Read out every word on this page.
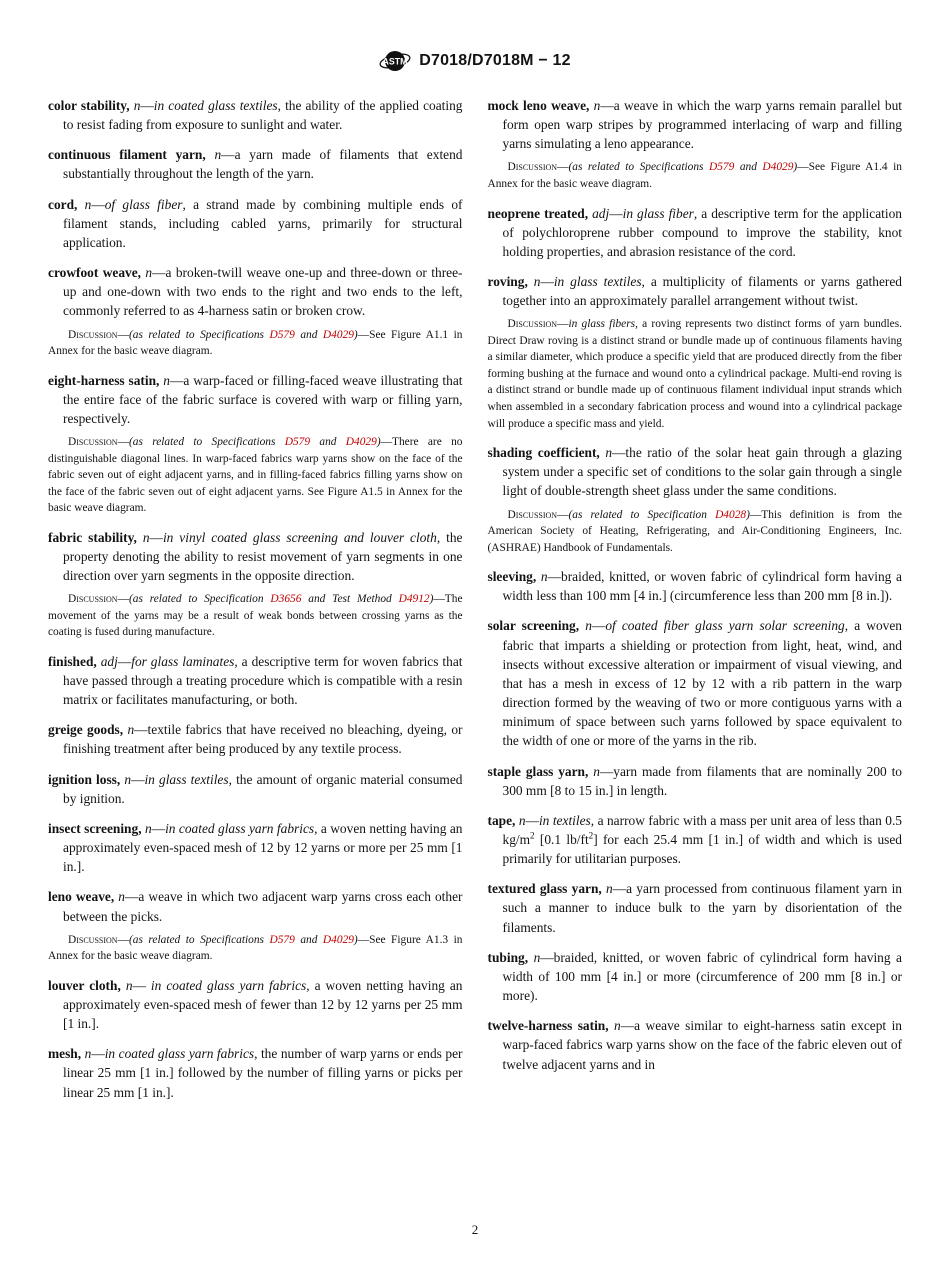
ASTM D7018/D7018M − 12

color stability, n—in coated glass textiles, the ability of the applied coating to resist fading from exposure to sunlight and water.

continuous filament yarn, n—a yarn made of filaments that extend substantially throughout the length of the yarn.

cord, n—of glass fiber, a strand made by combining multiple ends of filament stands, including cabled yarns, primarily for structural application.

crowfoot weave, n—a broken-twill weave one-up and three-down or three-up and one-down with two ends to the right and two ends to the left, commonly referred to as 4-harness satin or broken crow.

Discussion—(as related to Specifications D579 and D4029)—See Figure A1.1 in Annex for the basic weave diagram.

eight-harness satin, n—a warp-faced or filling-faced weave illustrating that the entire face of the fabric surface is covered with warp or filling yarn, respectively.

Discussion—(as related to Specifications D579 and D4029)—There are no distinguishable diagonal lines. In warp-faced fabrics warp yarns show on the face of the fabric seven out of eight adjacent yarns, and in filling-faced fabrics filling yarns show on the face of the fabric seven out of eight adjacent yarns. See Figure A1.5 in Annex for the basic weave diagram.

fabric stability, n—in vinyl coated glass screening and louver cloth, the property denoting the ability to resist movement of yarn segments in one direction over yarn segments in the opposite direction.

Discussion—(as related to Specification D3656 and Test Method D4912)—The movement of the yarns may be a result of weak bonds between crossing yarns as the coating is fused during manufacture.

finished, adj—for glass laminates, a descriptive term for woven fabrics that have passed through a treating procedure which is compatible with a resin matrix or facilitates manufacturing, or both.

greige goods, n—textile fabrics that have received no bleaching, dyeing, or finishing treatment after being produced by any textile process.

ignition loss, n—in glass textiles, the amount of organic material consumed by ignition.

insect screening, n—in coated glass yarn fabrics, a woven netting having an approximately even-spaced mesh of 12 by 12 yarns or more per 25 mm [1 in.].

leno weave, n—a weave in which two adjacent warp yarns cross each other between the picks.

Discussion—(as related to Specifications D579 and D4029)—See Figure A1.3 in Annex for the basic weave diagram.

louver cloth, n— in coated glass yarn fabrics, a woven netting having an approximately even-spaced mesh of fewer than 12 by 12 yarns per 25 mm [1 in.].

mesh, n—in coated glass yarn fabrics, the number of warp yarns or ends per linear 25 mm [1 in.] followed by the number of filling yarns or picks per linear 25 mm [1 in.].

mock leno weave, n—a weave in which the warp yarns remain parallel but form open warp stripes by programmed interlacing of warp and filling yarns simulating a leno appearance.

Discussion—(as related to Specifications D579 and D4029)—See Figure A1.4 in Annex for the basic weave diagram.

neoprene treated, adj—in glass fiber, a descriptive term for the application of polychloroprene rubber compound to improve the stability, knot holding properties, and abrasion resistance of the cord.

roving, n—in glass textiles, a multiplicity of filaments or yarns gathered together into an approximately parallel arrangement without twist.

Discussion—in glass fibers, a roving represents two distinct forms of yarn bundles. Direct Draw roving is a distinct strand or bundle made up of continuous filaments having a similar diameter, which produce a specific yield that are produced directly from the fiber forming bushing at the furnace and wound onto a cylindrical package. Multi-end roving is a distinct strand or bundle made up of continuous filament individual input strands which when assembled in a secondary fabrication process and wound into a cylindrical package will produce a specific mass and yield.

shading coefficient, n—the ratio of the solar heat gain through a glazing system under a specific set of conditions to the solar gain through a single light of double-strength sheet glass under the same conditions.

Discussion—(as related to Specification D4028)—This definition is from the American Society of Heating, Refrigerating, and Air-Conditioning Engineers, Inc. (ASHRAE) Handbook of Fundamentals.

sleeving, n—braided, knitted, or woven fabric of cylindrical form having a width less than 100 mm [4 in.] (circumference less than 200 mm [8 in.]).

solar screening, n—of coated fiber glass yarn solar screening, a woven fabric that imparts a shielding or protection from light, heat, wind, and insects without excessive alteration or impairment of visual viewing, and that has a mesh in excess of 12 by 12 with a rib pattern in the warp direction formed by the weaving of two or more contiguous yarns with a minimum of space between such yarns followed by space equivalent to the width of one or more of the yarns in the rib.

staple glass yarn, n—yarn made from filaments that are nominally 200 to 300 mm [8 to 15 in.] in length.

tape, n—in textiles, a narrow fabric with a mass per unit area of less than 0.5 $kg/m^2$ [0.1 $lb/ft^2$] for each 25.4 mm [1 in.] of width and which is used primarily for utilitarian purposes.

textured glass yarn, n—a yarn processed from continuous filament yarn in such a manner to induce bulk to the yarn by disorientation of the filaments.

tubing, n—braided, knitted, or woven fabric of cylindrical form having a width of 100 mm [4 in.] or more (circumference of 200 mm [8 in.] or more).

twelve-harness satin, n—a weave similar to eight-harness satin except in warp-faced fabrics warp yarns show on the face of the fabric eleven out of twelve adjacent yarns and in

2
